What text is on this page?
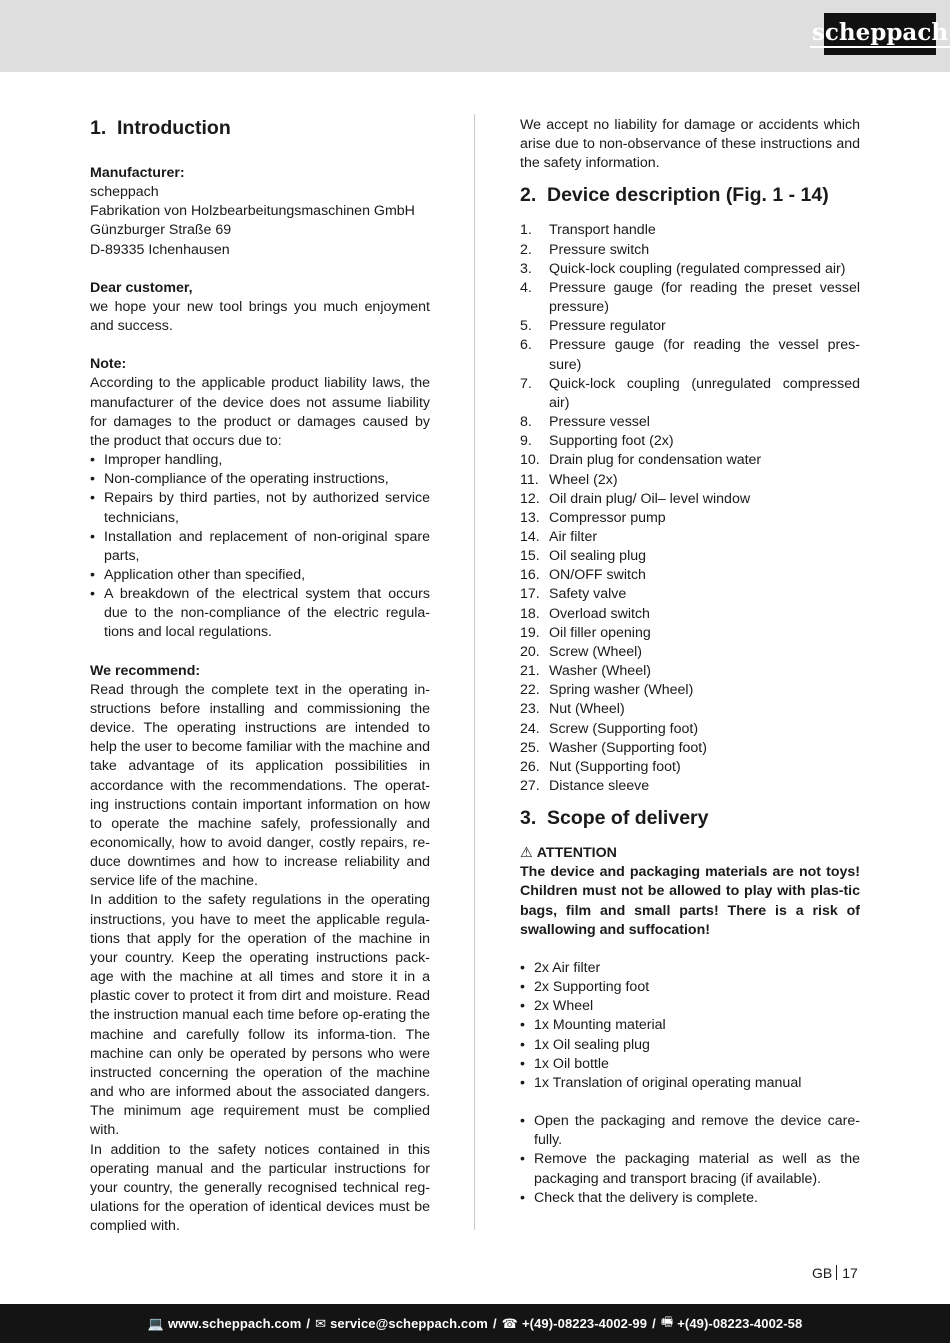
scheppach
1. Introduction
Manufacturer:
scheppach
Fabrikation von Holzbearbeitungsmaschinen GmbH
Günzburger Straße 69
D-89335 Ichenhausen
Dear customer,

we hope your new tool brings you much enjoyment and success.

Note:

According to the applicable product liability laws, the manufacturer of the device does not assume liability for damages to the product or damages caused by the product that occurs due to:

• Improper handling,
• Non-compliance of the operating instructions,
• Repairs by third parties, not by authorized service technicians,
• Installation and replacement of non-original spare parts,
• Application other than specified,
• A breakdown of the electrical system that occurs due to the non-compliance of the electric regula-tions and local regulations.
We recommend:

Read through the complete text in the operating in-structions before installing and commissioning the device. The operating instructions are intended to help the user to become familiar with the machine and take advantage of its application possibilities in accordance with the recommendations. The operat-ing instructions contain important information on how to operate the machine safely, professionally and economically, how to avoid danger, costly repairs, re-duce downtimes and how to increase reliability and service life of the machine.

In addition to the safety regulations in the operating instructions, you have to meet the applicable regula-tions that apply for the operation of the machine in your country. Keep the operating instructions pack-age with the machine at all times and store it in a plastic cover to protect it from dirt and moisture. Read the instruction manual each time before op-erating the machine and carefully follow its informa-tion. The machine can only be operated by persons who were instructed concerning the operation of the machine and who are informed about the associated dangers. The minimum age requirement must be complied with.

In addition to the safety notices contained in this operating manual and the particular instructions for your country, the generally recognised technical reg-ulations for the operation of identical devices must be complied with.

We accept no liability for damage or accidents which arise due to non-observance of these instructions and the safety information.

2. Device description (Fig. 1 - 14)
1. Transport handle
2. Pressure switch
3. Quick-lock coupling (regulated compressed air)
4. Pressure gauge (for reading the preset vessel pressure)
5. Pressure regulator
6. Pressure gauge (for reading the vessel pres-sure)
7. Quick-lock coupling (unregulated compressed air)
8. Pressure vessel
9. Supporting foot (2x)
10. Drain plug for condensation water
11. Wheel (2x)
12. Oil drain plug/ Oil– level window
13. Compressor pump
14. Air filter
15. Oil sealing plug
16. ON/OFF switch
17. Safety valve
18. Overload switch
19. Oil filler opening
20. Screw (Wheel)
21. Washer (Wheel)
22. Spring washer (Wheel)
23. Nut (Wheel)
24. Screw (Supporting foot)
25. Washer (Supporting foot)
26. Nut (Supporting foot)
27. Distance sleeve
3. Scope of delivery
⚠ ATTENTION

The device and packaging materials are not toys! Children must not be allowed to play with plas-tic bags, film and small parts! There is a risk of swallowing and suffocation!

• 2x Air filter
• 2x Supporting foot
• 2x Wheel
• 1x Mounting material
• 1x Oil sealing plug
• 1x Oil bottle
• 1x Translation of original operating manual
• Open the packaging and remove the device care-fully.
• Remove the packaging material as well as the packaging and transport bracing (if available).
• Check that the delivery is complete.
GB 17
💻 www.scheppach.com / ✉ service@scheppach.com / ☎ +(49)-08223-4002-99 / 🖷 +(49)-08223-4002-58
